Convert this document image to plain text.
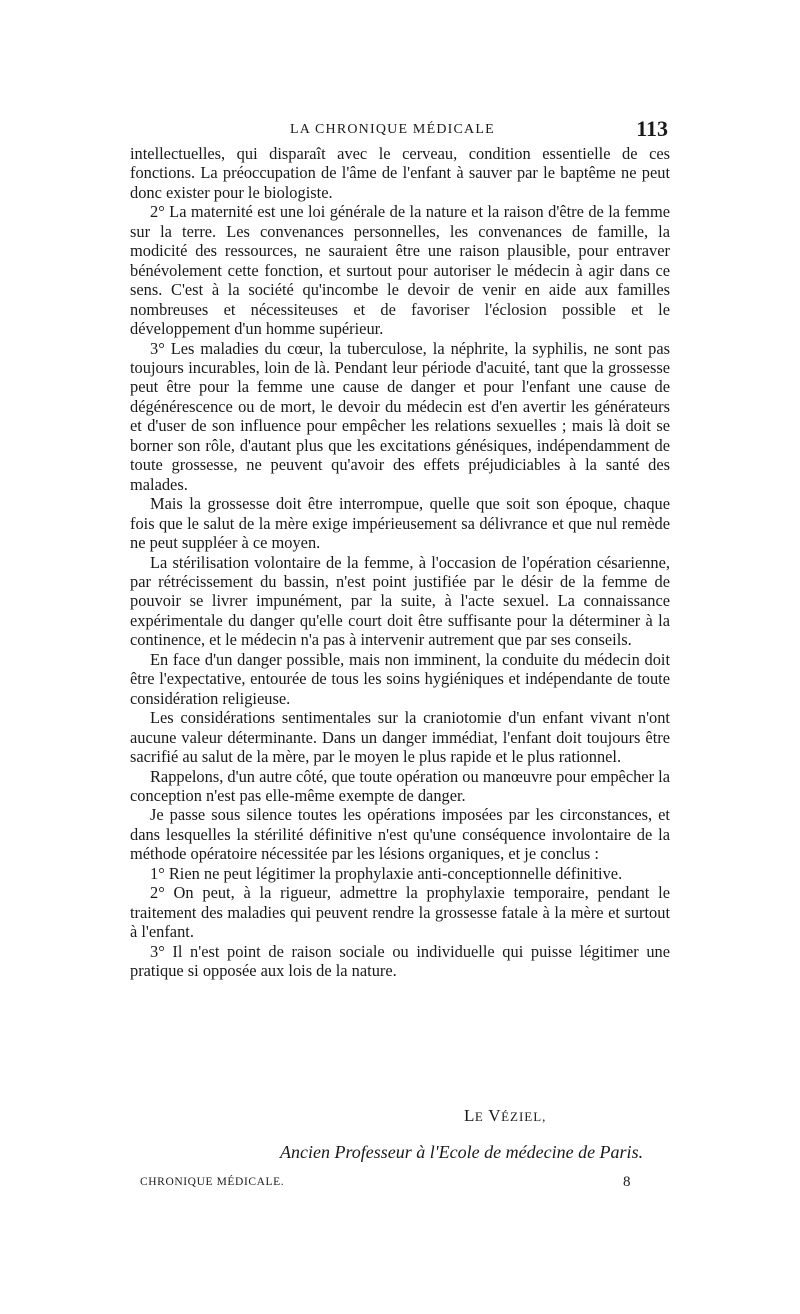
LA CHRONIQUE MÉDICALE	113

intellectuelles, qui disparaît avec le cerveau, condition essentielle de ces fonctions. La préoccupation de l'âme de l'enfant à sauver par le baptême ne peut donc exister pour le biologiste.

2° La maternité est une loi générale de la nature et la raison d'être de la femme sur la terre. Les convenances personnelles, les convenances de famille, la modicité des ressources, ne sauraient être une raison plausible, pour entraver bénévolement cette fonction, et surtout pour autoriser le médecin à agir dans ce sens. C'est à la société qu'incombe le devoir de venir en aide aux familles nombreuses et nécessiteuses et de favoriser l'éclosion possible et le développement d'un homme supérieur.

3° Les maladies du cœur, la tuberculose, la néphrite, la syphilis, ne sont pas toujours incurables, loin de là. Pendant leur période d'acuité, tant que la grossesse peut être pour la femme une cause de danger et pour l'enfant une cause de dégénérescence ou de mort, le devoir du médecin est d'en avertir les générateurs et d'user de son influence pour empêcher les relations sexuelles ; mais là doit se borner son rôle, d'autant plus que les excitations génésiques, indépendamment de toute grossesse, ne peuvent qu'avoir des effets préjudiciables à la santé des malades.

Mais la grossesse doit être interrompue, quelle que soit son époque, chaque fois que le salut de la mère exige impérieusement sa délivrance et que nul remède ne peut suppléer à ce moyen.

La stérilisation volontaire de la femme, à l'occasion de l'opération césarienne, par rétrécissement du bassin, n'est point justifiée par le désir de la femme de pouvoir se livrer impunément, par la suite, à l'acte sexuel. La connaissance expérimentale du danger qu'elle court doit être suffisante pour la déterminer à la continence, et le médecin n'a pas à intervenir autrement que par ses conseils.

En face d'un danger possible, mais non imminent, la conduite du médecin doit être l'expectative, entourée de tous les soins hygiéniques et indépendante de toute considération religieuse.

Les considérations sentimentales sur la craniotomie d'un enfant vivant n'ont aucune valeur déterminante. Dans un danger immédiat, l'enfant doit toujours être sacrifié au salut de la mère, par le moyen le plus rapide et le plus rationnel.

Rappelons, d'un autre côté, que toute opération ou manœuvre pour empêcher la conception n'est pas elle-même exempte de danger.

Je passe sous silence toutes les opérations imposées par les circonstances, et dans lesquelles la stérilité définitive n'est qu'une conséquence involontaire de la méthode opératoire nécessitée par les lésions organiques, et je conclus :

1° Rien ne peut légitimer la prophylaxie anti-conceptionnelle définitive.

2° On peut, à la rigueur, admettre la prophylaxie temporaire, pendant le traitement des maladies qui peuvent rendre la grossesse fatale à la mère et surtout à l'enfant.

3° Il n'est point de raison sociale ou individuelle qui puisse légitimer une pratique si opposée aux lois de la nature.

LE VÉZIEL,
Ancien Professeur à l'Ecole de médecine de Paris.
CHRONIQUE MÉDICALE.	8
